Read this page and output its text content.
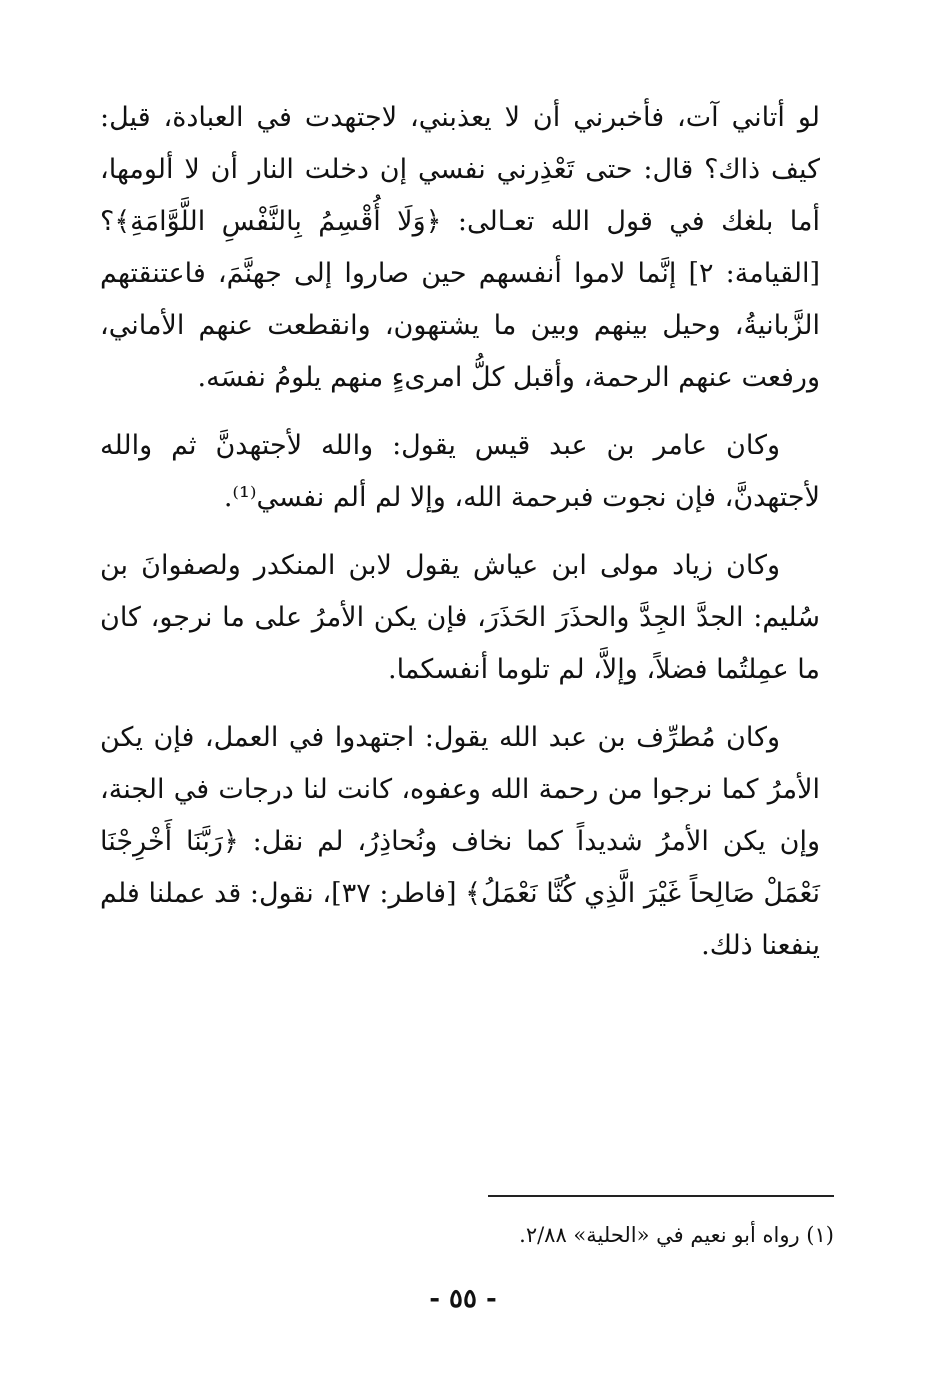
لو أتاني آت، فأخبرني أن لا يعذبني، لاجتهدت في العبادة، قيل: كيف ذاك؟ قال: حتى تَعْذِرني نفسي إن دخلت النار أن لا ألومها، أما بلغك في قول الله تعـالى: ﴿وَلَا أُقْسِمُ بِالنَّفْسِ اللَّوَّامَةِ﴾؟ [القيامة: ٢] إنَّما لاموا أنفسهم حين صاروا إلى جهنَّمَ، فاعتنقتهم الزَّبانيةُ، وحيل بينهم وبين ما يشتهون، وانقطعت عنهم الأماني، ورفعت عنهم الرحمة، وأقبل كلُّ امرىءٍ منهم يلومُ نفسَه.

وكان عامر بن عبد قيس يقول: والله لأجتهدنَّ ثم والله لأجتهدنَّ، فإن نجوت فبرحمة الله، وإلا لم ألم نفسي⁽¹⁾.

وكان زياد مولى ابن عياش يقول لابن المنكدر ولصفوانَ بن سُليم: الجدَّ الجِدَّ والحذَرَ الحَذَرَ، فإن يكن الأمرُ على ما نرجو، كان ما عمِلتُما فضلاً، وإلاَّ، لم تلوما أنفسكما.

وكان مُطرِّف بن عبد الله يقول: اجتهدوا في العمل، فإن يكن الأمرُ كما نرجوا من رحمة الله وعفوه، كانت لنا درجات في الجنة، وإن يكن الأمرُ شديداً كما نخاف ونُحاذِرُ، لم نقل: ﴿رَبَّنَا أَخْرِجْنَا نَعْمَلْ صَالِحاً غَيْرَ الَّذِي كُنَّا نَعْمَلُ﴾ [فاطر: ٣٧]، نقول: قد عملنا فلم ينفعنا ذلك.

(١) رواه أبو نعيم في «الحلية» ٢/٨٨.
- ٥٥ -
